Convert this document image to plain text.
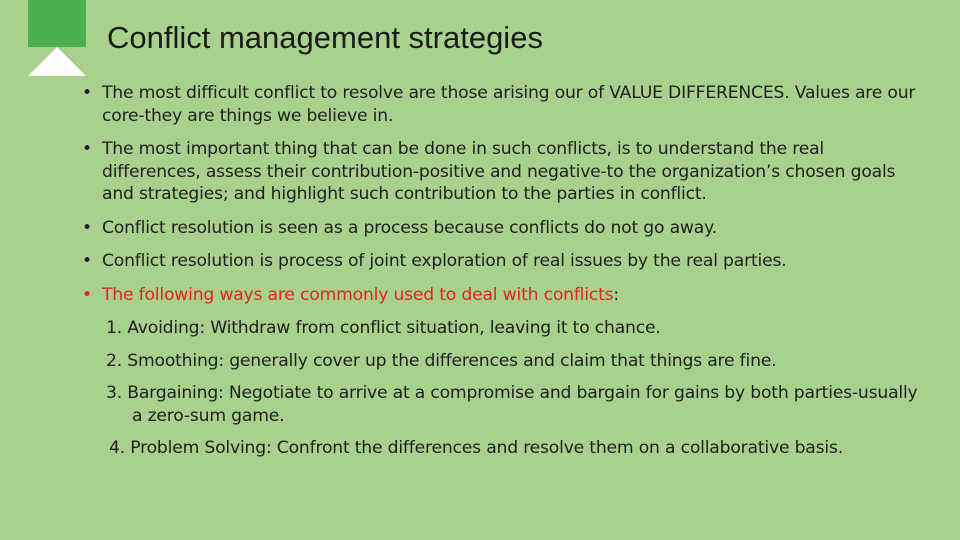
Conflict management strategies
• The most difficult conflict to resolve are those arising our of VALUE DIFFERENCES. Values are our core-they are things we believe in.
• The most important thing that can be done in such conflicts, is to understand the real differences, assess their contribution-positive and negative-to the organization’s chosen goals and strategies; and highlight such contribution to the parties in conflict.
• Conflict resolution is seen as a process because conflicts do not go away.
• Conflict resolution is process of joint exploration of real issues by the real parties.
• The following ways are commonly used to deal with conflicts:
1. Avoiding: Withdraw from conflict situation, leaving it to chance.
2. Smoothing: generally cover up the differences and claim that things are fine.
3. Bargaining: Negotiate to arrive at a compromise and bargain for gains by both parties-usually a zero-sum game.
4. Problem Solving: Confront the differences and resolve them on a collaborative basis.
